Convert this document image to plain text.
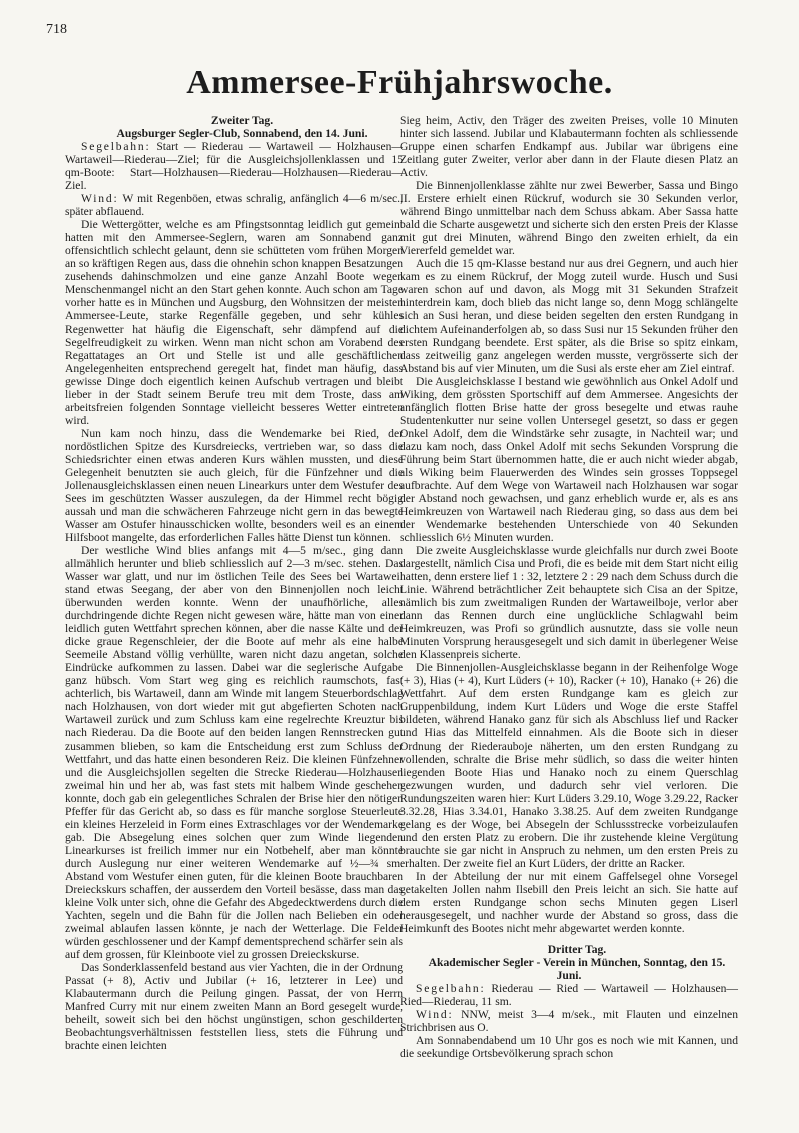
718
Ammersee-Frühjahrswoche.

Zweiter Tag.

Augsburger Segler-Club, Sonnabend, den 14. Juni.

Segelbahn: Start — Riederau — Wartaweil — Holzhausen—Wartaweil—Riederau—Ziel; für die Ausgleichsjollenklassen und 15 qm-Boote: Start—Holzhausen—Riederau—Holzhausen—Riederau—Ziel.

Wind: W mit Regenböen, etwas schralig, anfänglich 4—6 m/sec., später abflauend.

Die Wettergötter, welche es am Pfingstsonntag leidlich gut gemeint hatten mit den Ammersee-Seglern, waren am Sonnabend ganz offensichtlich schlecht gelaunt, denn sie schütteten vom frühen Morgen an so kräftigen Regen aus, dass die ohnehin schon knappen Besatzungen zusehends dahinschmolzen und eine ganze Anzahl Boote wegen Menschenmangel nicht an den Start gehen konnte. Auch schon am Tage vorher hatte es in München und Augsburg, den Wohnsitzen der meisten Ammersee-Leute, starke Regenfälle gegeben, und sehr kühles Regenwetter hat häufig die Eigenschaft, sehr dämpfend auf die Segelfreudigkeit zu wirken. Wenn man nicht schon am Vorabend des Regattatages an Ort und Stelle ist und alle geschäftlichen Angelegenheiten entsprechend geregelt hat, findet man häufig, dass gewisse Dinge doch eigentlich keinen Aufschub vertragen und bleibt lieber in der Stadt seinem Berufe treu mit dem Troste, dass am arbeitsfreien folgenden Sonntage vielleicht besseres Wetter eintreten wird.

Nun kam noch hinzu, dass die Wendemarke bei Ried, der nordöstlichen Spitze des Kursdreiecks, vertrieben war, so dass die Schiedsrichter einen etwas anderen Kurs wählen mussten, und diese Gelegenheit benutzten sie auch gleich, für die Fünfzehner und die Jollenausgleichsklassen einen neuen Linearkurs unter dem Westufer des Sees im geschützten Wasser auszulegen, da der Himmel recht bögig aussah und man die schwächeren Fahrzeuge nicht gern in das bewegte Wasser am Ostufer hinausschicken wollte, besonders weil es an einem Hilfsboot mangelte, das erforderlichen Falles hätte Dienst tun können.

Der westliche Wind blies anfangs mit 4—5 m/sec., ging dann allmählich herunter und blieb schliesslich auf 2—3 m/sec. stehen. Das Wasser war glatt, und nur im östlichen Teile des Sees bei Wartaweil stand etwas Seegang, der aber von den Binnenjollen noch leicht überwunden werden konnte. Wenn der unaufhörliche, alles durchdringende dichte Regen nicht gewesen wäre, hätte man von einer leidlich guten Wettfahrt sprechen können, aber die nasse Kälte und der dicke graue Regenschleier, der die Boote auf mehr als eine halbe Seemeile Abstand völlig verhüllte, waren nicht dazu angetan, solche Eindrücke aufkommen zu lassen. Dabei war die seglerische Aufgabe ganz hübsch. Vom Start weg ging es reichlich raumschots, fast achterlich, bis Wartaweil, dann am Winde mit langem Steuerbordschlag nach Holzhausen, von dort wieder mit gut abgefierten Schoten nach Wartaweil zurück und zum Schluss kam eine regelrechte Kreuztur bis nach Riederau. Da die Boote auf den beiden langen Rennstrecken gut zusammen blieben, so kam die Entscheidung erst zum Schluss der Wettfahrt, und das hatte einen besonderen Reiz. Die kleinen Fünfzehner und die Ausgleichsjollen segelten die Strecke Riederau—Holzhausen zweimal hin und her ab, was fast stets mit halbem Winde geschehen konnte, doch gab ein gelegentliches Schralen der Brise hier den nötigen Pfeffer für das Gericht ab, so dass es für manche sorglose Steuerleute ein kleines Herzeleid in Form eines Extraschlages vor der Wendemarke gab. Die Absegelung eines solchen quer zum Winde liegenden Linearkurses ist freilich immer nur ein Notbehelf, aber man könnte durch Auslegung nur einer weiteren Wendemarke auf ½—¾ sm. Abstand vom Westufer einen guten, für die kleinen Boote brauchbaren Dreieckskurs schaffen, der ausserdem den Vorteil besässe, dass man das kleine Volk unter sich, ohne die Gefahr des Abgedecktwerdens durch die Yachten, segeln und die Bahn für die Jollen nach Belieben ein oder zweimal ablaufen lassen könnte, je nach der Wetterlage. Die Felder würden geschlossener und der Kampf dementsprechend schärfer sein als auf dem grossen, für Kleinboote viel zu grossen Dreieckskurse.

Das Sonderklassenfeld bestand aus vier Yachten, die in der Ordnung Passat (+ 8), Activ und Jubilar (+ 16, letzterer in Lee) und Klabautermann durch die Peilung gingen. Passat, der von Herrn Manfred Curry mit nur einem zweiten Mann an Bord gesegelt wurde, beheilt, soweit sich bei den höchst ungünstigen, schon geschilderten Beobachtungsverhältnissen feststellen liess, stets die Führung und brachte einen leichten

Sieg heim, Activ, den Träger des zweiten Preises, volle 10 Minuten hinter sich lassend. Jubilar und Klabautermann fochten als schliessende Gruppe einen scharfen Endkampf aus. Jubilar war übrigens eine Zeitlang guter Zweiter, verlor aber dann in der Flaute diesen Platz an Activ.

Die Binnenjollenklasse zählte nur zwei Bewerber, Sassa und Bingo II. Erstere erhielt einen Rückruf, wodurch sie 30 Sekunden verlor, während Bingo unmittelbar nach dem Schuss abkam. Aber Sassa hatte bald die Scharte ausgewetzt und sicherte sich den ersten Preis der Klasse mit gut drei Minuten, während Bingo den zweiten erhielt, da ein Viererfeld gemeldet war.

Auch die 15 qm-Klasse bestand nur aus drei Gegnern, und auch hier kam es zu einem Rückruf, der Mogg zuteil wurde. Husch und Susi waren schon auf und davon, als Mogg mit 31 Sekunden Strafzeit hinterdrein kam, doch blieb das nicht lange so, denn Mogg schlängelte sich an Susi heran, und diese beiden segelten den ersten Rundgang in dichtem Aufeinanderfolgen ab, so dass Susi nur 15 Sekunden früher den ersten Rundgang beendete. Erst später, als die Brise so spitz einkam, dass zeitweilig ganz angelegen werden musste, vergrösserte sich der Abstand bis auf vier Minuten, um die Susi als erste eher am Ziel eintraf.

Die Ausgleichsklasse I bestand wie gewöhnlich aus Onkel Adolf und Wiking, dem grössten Sportschiff auf dem Ammersee. Angesichts der anfänglich flotten Brise hatte der gross besegelte und etwas rauhe Studentenkutter nur seine vollen Untersegel gesetzt, so dass er gegen Onkel Adolf, dem die Windstärke sehr zusagte, in Nachteil war; und dazu kam noch, dass Onkel Adolf mit sechs Sekunden Vorsprung die Führung beim Start übernommen hatte, die er auch nicht wieder abgab, als Wiking beim Flauerwerden des Windes sein grosses Toppsegel aufbrachte. Auf dem Wege von Wartaweil nach Holzhausen war sogar der Abstand noch gewachsen, und ganz erheblich wurde er, als es ans Heimkreuzen von Wartaweil nach Riederau ging, so dass aus dem bei der Wendemarke bestehenden Unterschiede von 40 Sekunden schliesslich 6½ Minuten wurden.

Die zweite Ausgleichsklasse wurde gleichfalls nur durch zwei Boote dargestellt, nämlich Cisa und Profi, die es beide mit dem Start nicht eilig hatten, denn erstere lief 1 : 32, letztere 2 : 29 nach dem Schuss durch die Linie. Während beträchtlicher Zeit behauptete sich Cisa an der Spitze, nämlich bis zum zweitmaligen Runden der Wartaweilboje, verlor aber dann das Rennen durch eine unglückliche Schlagwahl beim Heimkreuzen, was Profi so gründlich ausnutzte, dass sie volle neun Minuten Vorsprung herausgesegelt und sich damit in überlegener Weise den Klassenpreis sicherte.

Die Binnenjollen-Ausgleichsklasse begann in der Reihenfolge Woge (+ 3), Hias (+ 4), Kurt Lüders (+ 10), Racker (+ 10), Hanako (+ 26) die Wettfahrt. Auf dem ersten Rundgange kam es gleich zur Gruppenbildung, indem Kurt Lüders und Woge die erste Staffel bildeten, während Hanako ganz für sich als Abschluss lief und Racker und Hias das Mittelfeld einnahmen. Als die Boote sich in dieser Ordnung der Riederauboje näherten, um den ersten Rundgang zu vollenden, schralte die Brise mehr südlich, so dass die weiter hinten liegenden Boote Hias und Hanako noch zu einem Querschlag gezwungen wurden, und dadurch sehr viel verloren. Die Rundungszeiten waren hier: Kurt Lüders 3.29.10, Woge 3.29.22, Racker 3.32.28, Hias 3.34.01, Hanako 3.38.25. Auf dem zweiten Rundgange gelang es der Woge, bei Absegeln der Schlussstrecke vorbeizulaufen und den ersten Platz zu erobern. Die ihr zustehende kleine Vergütung brauchte sie gar nicht in Anspruch zu nehmen, um den ersten Preis zu erhalten. Der zweite fiel an Kurt Lüders, der dritte an Racker.

In der Abteilung der nur mit einem Gaffelsegel ohne Vorsegel getakelten Jollen nahm Ilsebill den Preis leicht an sich. Sie hatte auf dem ersten Rundgange schon sechs Minuten gegen Liserl herausgesegelt, und nachher wurde der Abstand so gross, dass die Heimkunft des Bootes nicht mehr abgewartet werden konnte.

Dritter Tag.

Akademischer Segler - Verein in München, Sonntag, den 15. Juni.

Segelbahn: Riederau — Ried — Wartaweil — Holzhausen—Ried—Riederau, 11 sm.

Wind: NNW, meist 3—4 m/sek., mit Flauten und einzelnen Strichbrisen aus O.

Am Sonnabendabend um 10 Uhr gos es noch wie mit Kannen, und die seekundige Ortsbevölkerung sprach schon
